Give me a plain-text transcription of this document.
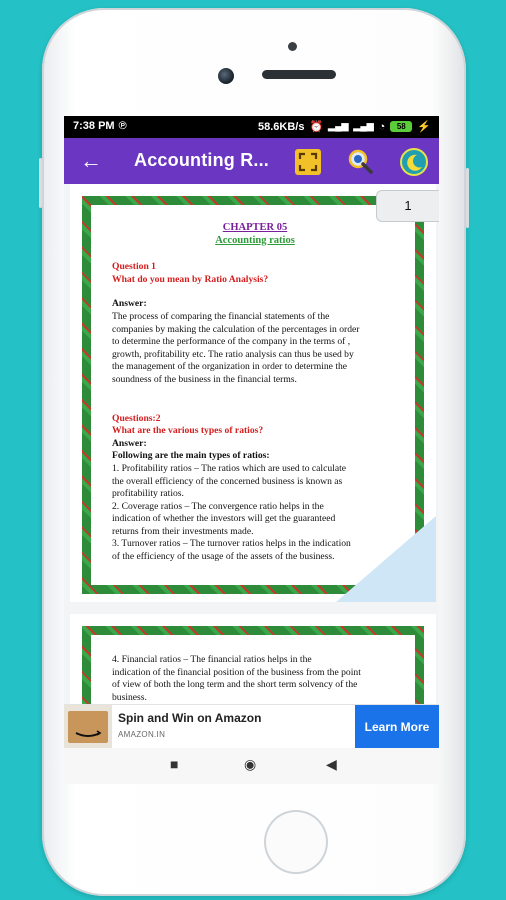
7:38 PM ℗	58.6KB/s ⏰ ▂▄▆ ▂▄▆ ◔	58	⚡
← Accounting R...
CHAPTER 05
Accounting ratios
Question 1
What do you mean by Ratio Analysis?
Answer:
The process of comparing the financial statements of the
companies by making the calculation of the percentages in order
to determine the performance of the company in the terms of ,
growth, profitability etc. The ratio analysis can thus be used by
the management of the organization in order to determine the
soundness of the business in the financial terms.
Questions:2
What are the various types of ratios?
Answer:
Following are the main types of ratios:
1. Profitability ratios – The ratios which are used to calculate
the overall efficiency of the concerned business is known as
profitability ratios.
2. Coverage ratios – The convergence ratio helps in the
indication of whether the investors will get the guaranteed
returns from their investments made.
3. Turnover ratios – The turnover ratios helps in the indication
of the efficiency of the usage of the assets of the business.
4. Financial ratios – The financial ratios helps in the
indication of the financial position of the business from the point
of view of both the long term and the short term solvency of the
business.
1
Spin and Win on Amazon
AMAZON.IN
Learn More
■	◉	◀
